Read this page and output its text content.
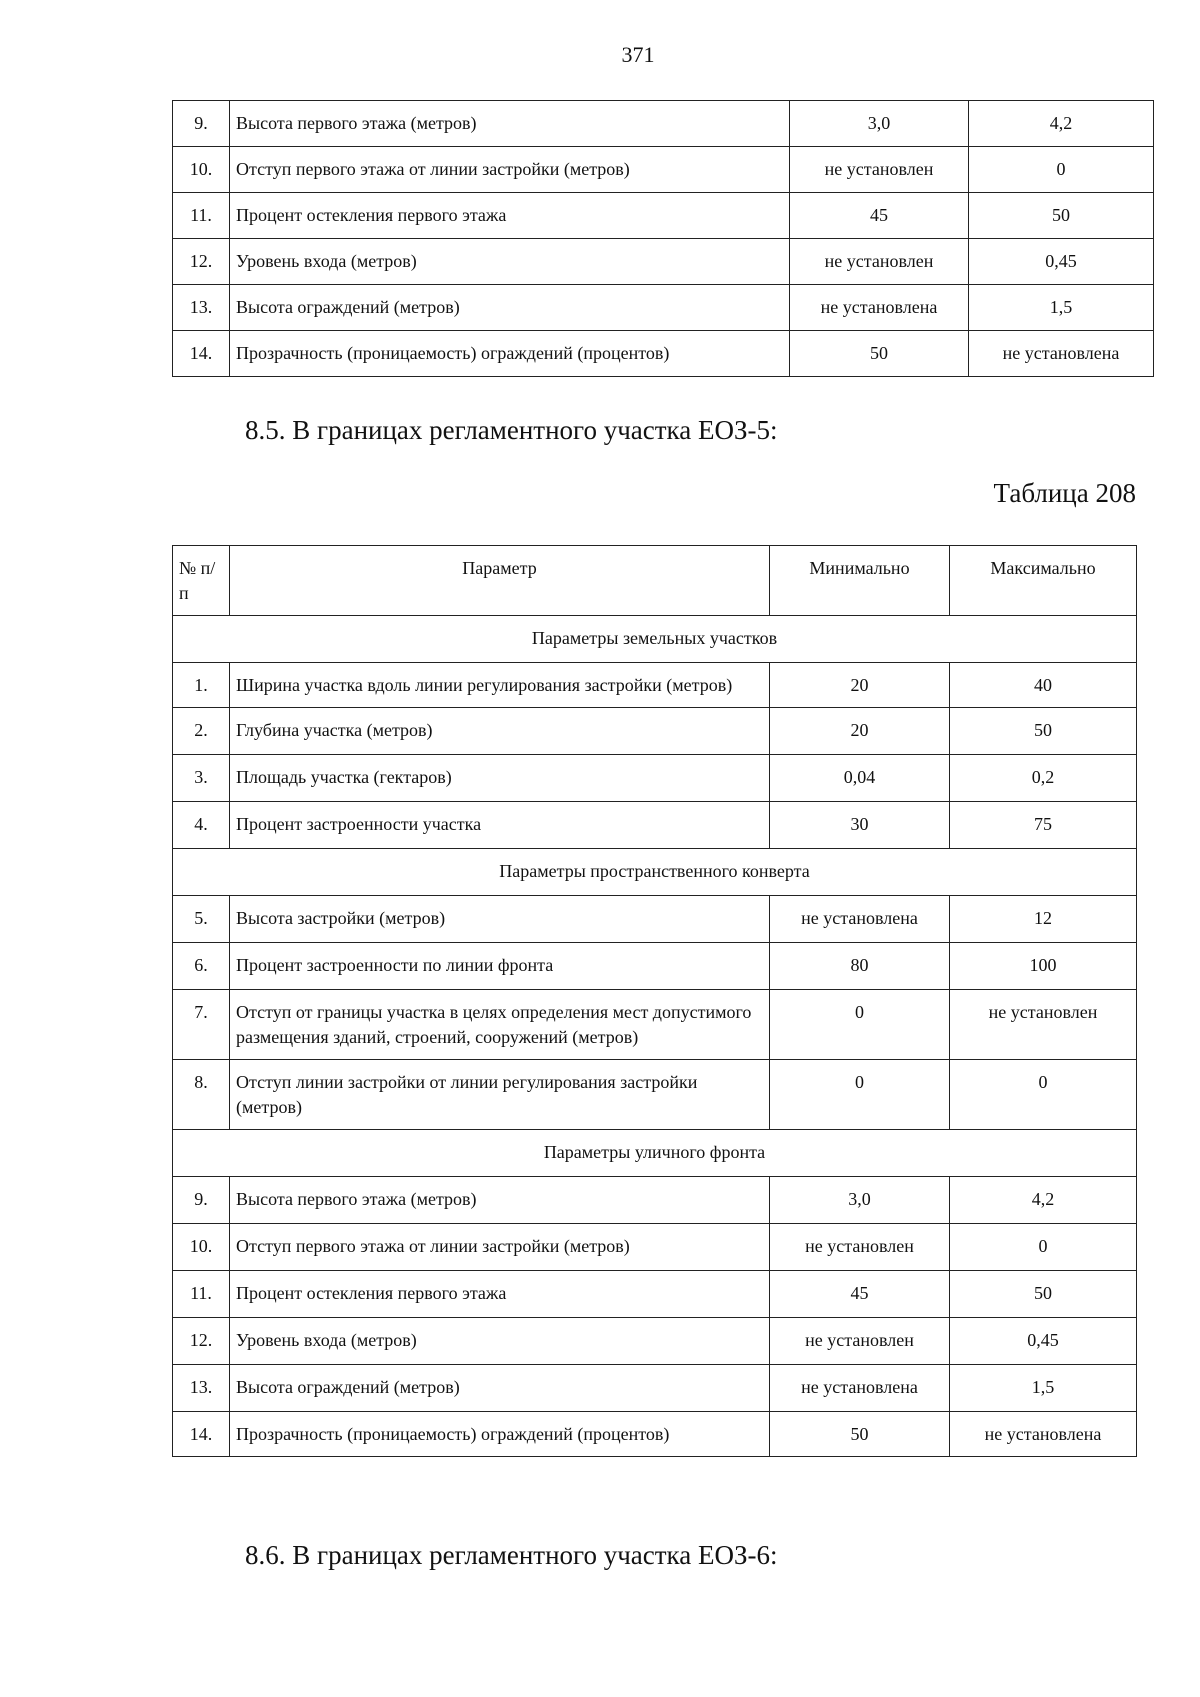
371
9.	Высота первого этажа (метров)	3,0	4,2
10.	Отступ первого этажа от линии застройки (метров)	не установлен	0
11.	Процент остекления первого этажа	45	50
12.	Уровень входа (метров)	не установлен	0,45
13.	Высота ограждений (метров)	не установлена	1,5
14.	Прозрачность (проницаемость) ограждений (процентов)	50	не установлена
8.5. В границах регламентного участка ЕОЗ-5:
Таблица 208
№ п/п	Параметр	Минимально	Максимально
Параметры земельных участков			
1.	Ширина участка вдоль линии регулирования застройки (метров)	20	40
2.	Глубина участка (метров)	20	50
3.	Площадь участка (гектаров)	0,04	0,2
4.	Процент застроенности участка	30	75
Параметры пространственного конверта			
5.	Высота застройки (метров)	не установлена	12
6.	Процент застроенности по линии фронта	80	100
7.	Отступ от границы участка в целях определения мест допустимого размещения зданий, строений, сооружений (метров)	0	не установлен
8.	Отступ линии застройки от линии регулирования застройки (метров)	0	0
Параметры уличного фронта			
9.	Высота первого этажа (метров)	3,0	4,2
10.	Отступ первого этажа от линии застройки (метров)	не установлен	0
11.	Процент остекления первого этажа	45	50
12.	Уровень входа (метров)	не установлен	0,45
13.	Высота ограждений (метров)	не установлена	1,5
14.	Прозрачность (проницаемость) ограждений (процентов)	50	не установлена
8.6. В границах регламентного участка ЕОЗ-6:
